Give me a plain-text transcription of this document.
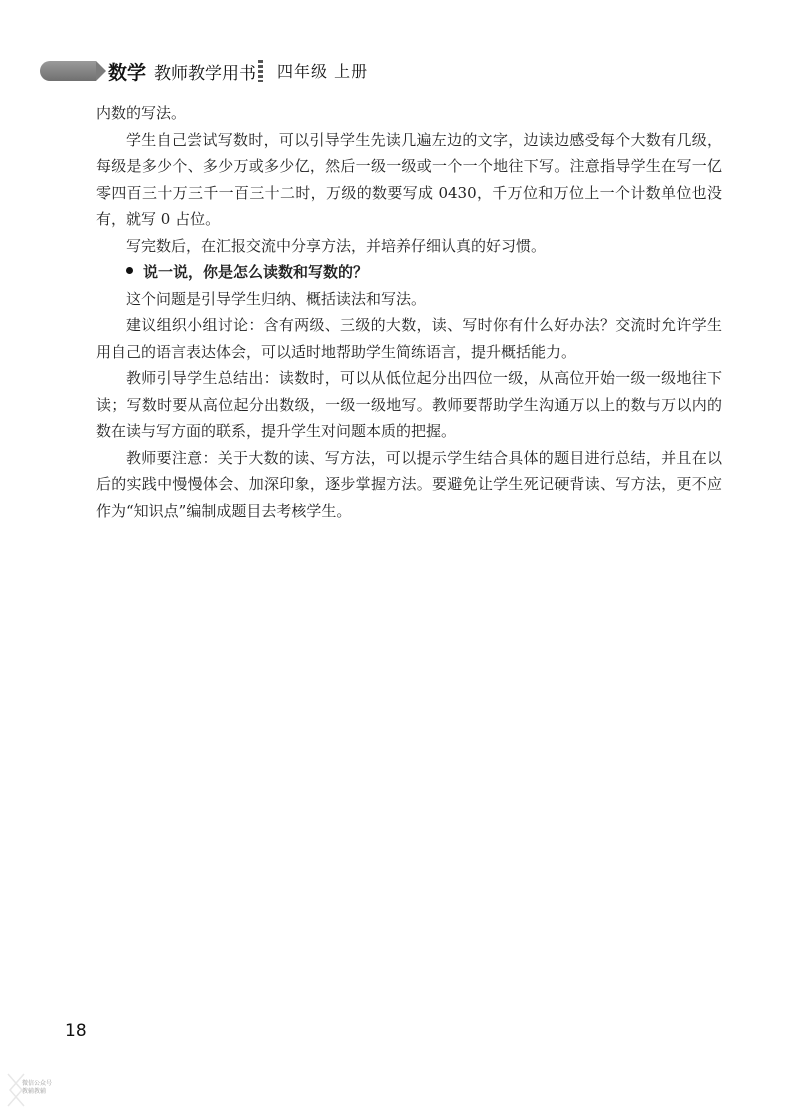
数学 教师教学用书 四年级 上册

内数的写法。

学生自己尝试写数时，可以引导学生先读几遍左边的文字，边读边感受每个大数有几级，每级是多少个、多少万或多少亿，然后一级一级或一个一个地往下写。注意指导学生在写一亿零四百三十万三千一百三十二时，万级的数要写成 0430，千万位和万位上一个计数单位也没有，就写 0 占位。

写完数后，在汇报交流中分享方法，并培养仔细认真的好习惯。

说一说，你是怎么读数和写数的？

这个问题是引导学生归纳、概括读法和写法。

建议组织小组讨论：含有两级、三级的大数，读、写时你有什么好办法？交流时允许学生用自己的语言表达体会，可以适时地帮助学生简练语言，提升概括能力。

教师引导学生总结出：读数时，可以从低位起分出四位一级，从高位开始一级一级地往下读；写数时要从高位起分出数级，一级一级地写。教师要帮助学生沟通万以上的数与万以内的数在读与写方面的联系，提升学生对问题本质的把握。

教师要注意：关于大数的读、写方法，可以提示学生结合具体的题目进行总结，并且在以后的实践中慢慢体会、加深印象，逐步掌握方法。要避免让学生死记硬背读、写方法，更不应作为“知识点”编制成题目去考核学生。

18
微信公众号
教辅教辅
